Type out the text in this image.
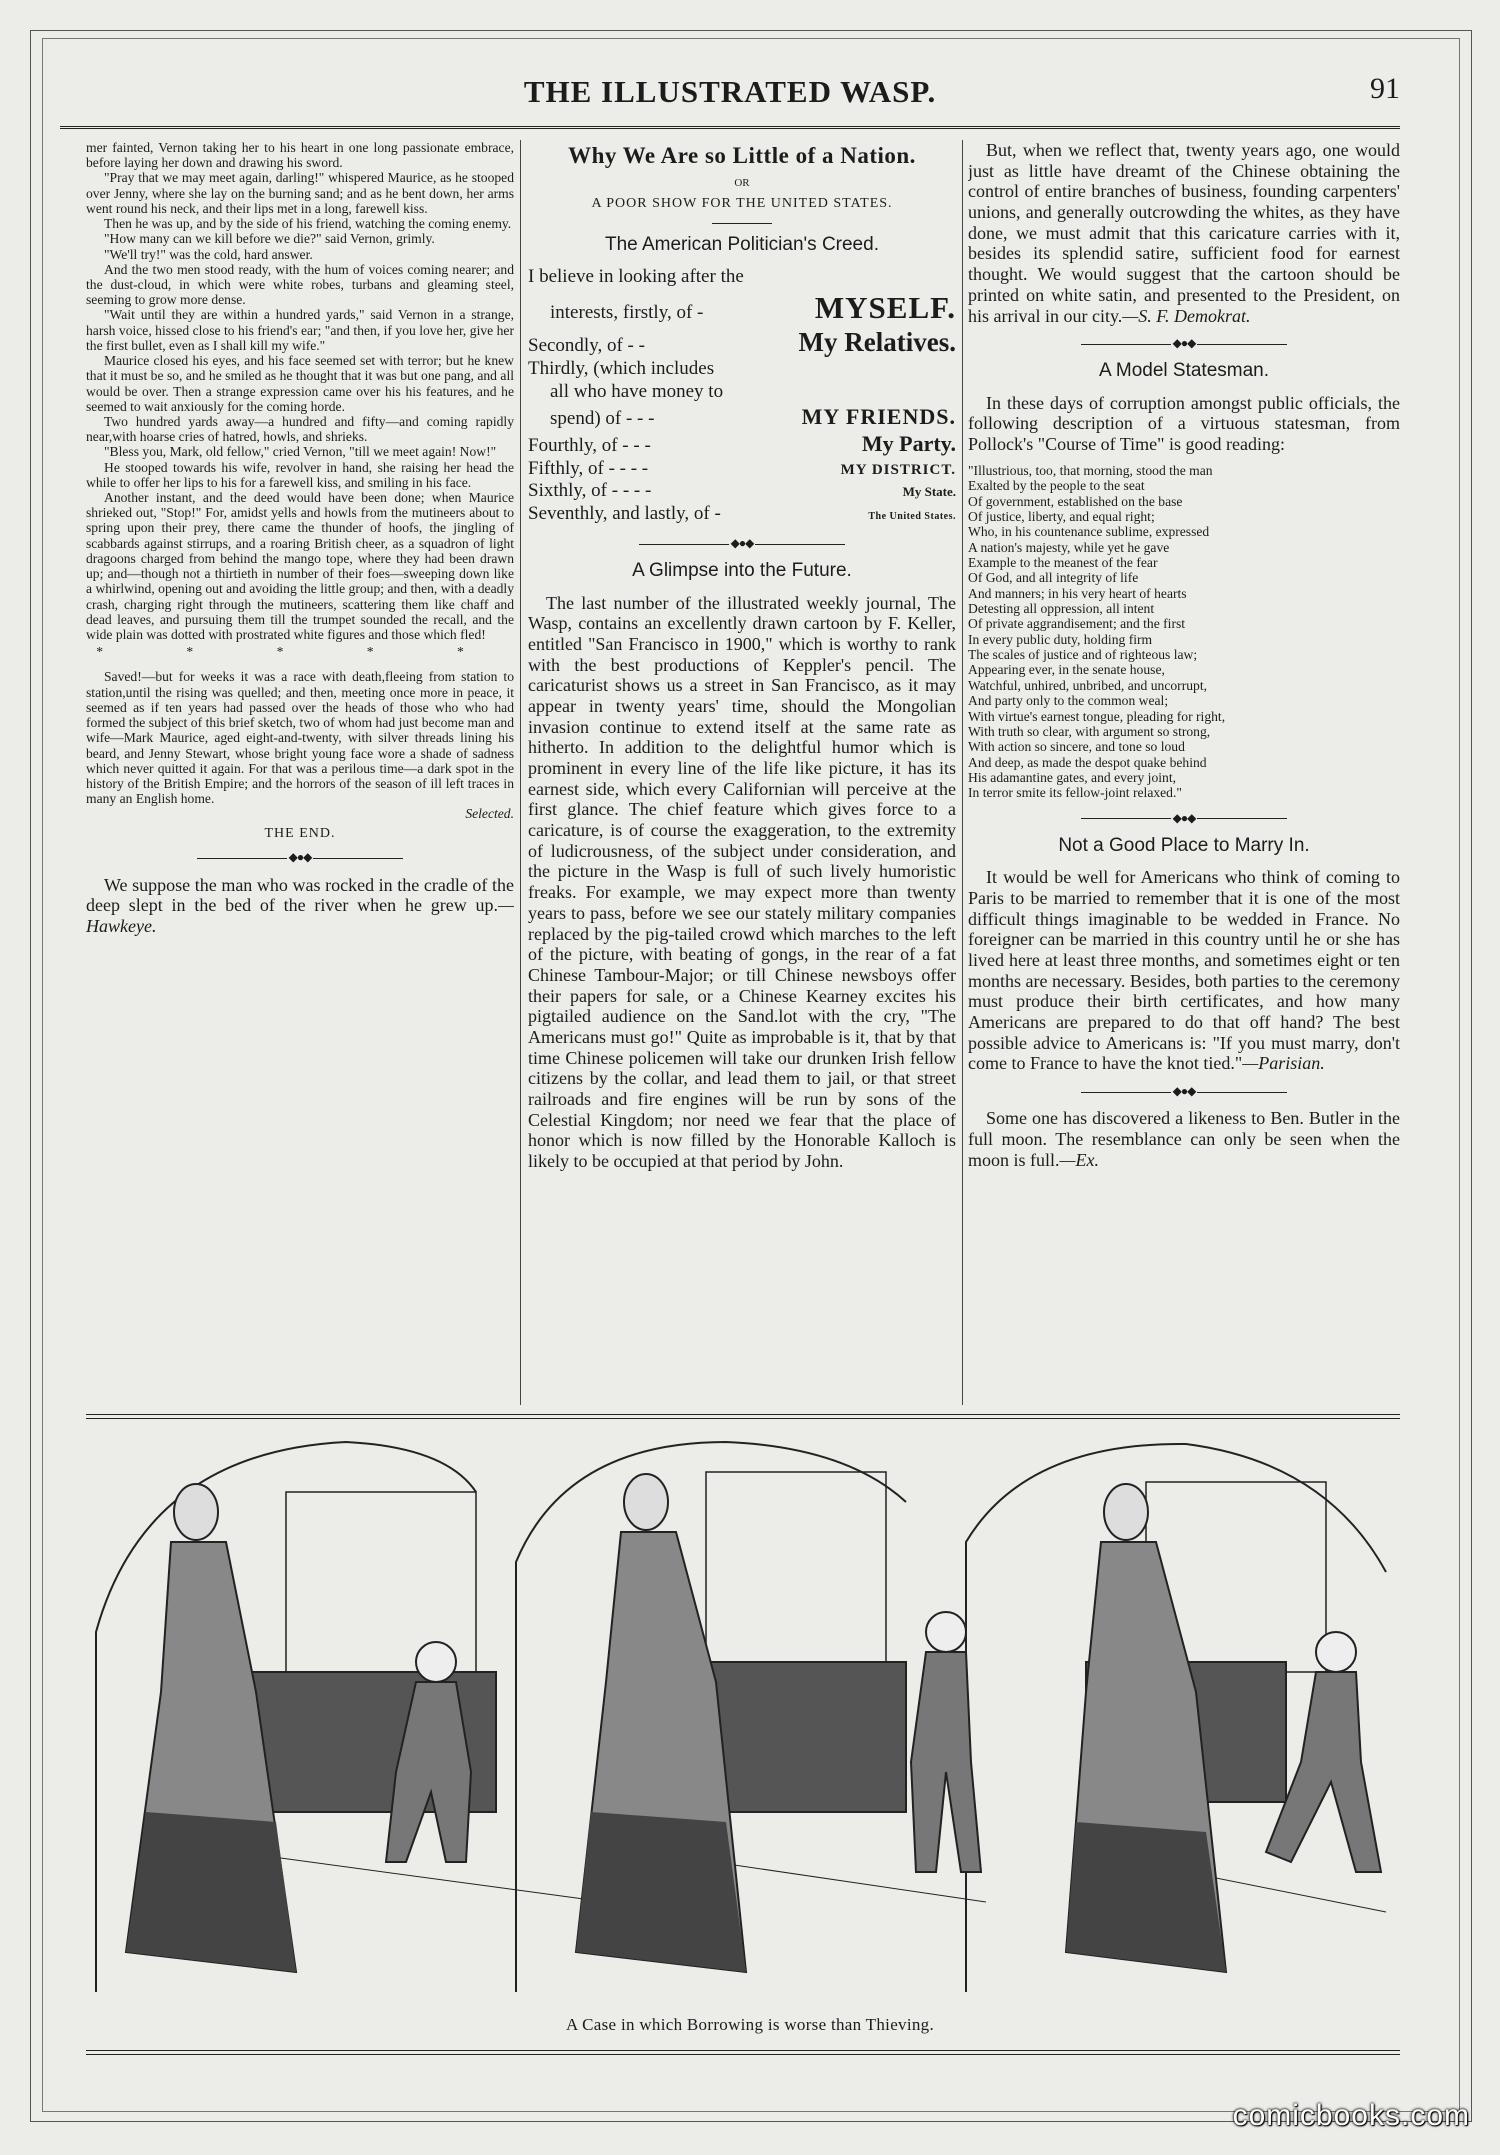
THE ILLUSTRATED WASP.	91

mer fainted, Vernon taking her to his heart in one long passionate embrace, before laying her down and drawing his sword.

"Pray that we may meet again, darling!" whispered Maurice, as he stooped over Jenny, where she lay on the burning sand; and as he bent down, her arms went round his neck, and their lips met in a long, farewell kiss.

Then he was up, and by the side of his friend, watching the coming enemy.

"How many can we kill before we die?" said Vernon, grimly.

"We'll try!" was the cold, hard answer.

And the two men stood ready, with the hum of voices coming nearer; and the dust-cloud, in which were white robes, turbans and gleaming steel, seeming to grow more dense.

"Wait until they are within a hundred yards," said Vernon in a strange, harsh voice, hissed close to his friend's ear; "and then, if you love her, give her the first bullet, even as I shall kill my wife."

Maurice closed his eyes, and his face seemed set with terror; but he knew that it must be so, and he smiled as he thought that it was but one pang, and all would be over. Then a strange expression came over his his features, and he seemed to wait anxiously for the coming horde.

Two hundred yards away—a hundred and fifty—and coming rapidly near,with hoarse cries of hatred, howls, and shrieks.

"Bless you, Mark, old fellow," cried Vernon, "till we meet again! Now!"

He stooped towards his wife, revolver in hand, she raising her head the while to offer her lips to his for a farewell kiss, and smiling in his face.

Another instant, and the deed would have been done; when Maurice shrieked out, "Stop!" For, amidst yells and howls from the mutineers about to spring upon their prey, there came the thunder of hoofs, the jingling of scabbards against stirrups, and a roaring British cheer, as a squadron of light dragoons charged from behind the mango tope, where they had been drawn up; and—though not a thirtieth in number of their foes—sweeping down like a whirlwind, opening out and avoiding the little group; and then, with a deadly crash, charging right through the mutineers, scattering them like chaff and dead leaves, and pursuing them till the trumpet sounded the recall, and the wide plain was dotted with prostrated white figures and those which fled!

* * * * *

Saved!—but for weeks it was a race with death,fleeing from station to station,until the rising was quelled; and then, meeting once more in peace, it seemed as if ten years had passed over the heads of those who who had formed the subject of this brief sketch, two of whom had just become man and wife—Mark Maurice, aged eight-and-twenty, with silver threads lining his beard, and Jenny Stewart, whose bright young face wore a shade of sadness which never quitted it again. For that was a perilous time—a dark spot in the history of the British Empire; and the horrors of the season of ill left traces in many an English home.

Selected.
THE END.
◆●◆

We suppose the man who was rocked in the cradle of the deep slept in the bed of the river when he grew up.—Hawkeye.

Why We Are so Little of a Nation.
OR
A POOR SHOW FOR THE UNITED STATES.
The American Politician's Creed.
I believe in looking after the
interests, firstly, of -	MYSELF.
Secondly, of - -	My Relatives.
Thirdly, (which includes
all who have money to
spend) of - - -	MY FRIENDS.
Fourthly, of - - -	My Party.
Fifthly, of - - - -	MY DISTRICT.
Sixthly, of - - - -	My State.
Seventhly, and lastly, of -	The United States.
◆●◆
A Glimpse into the Future.

The last number of the illustrated weekly journal, The Wasp, contains an excellently drawn cartoon by F. Keller, entitled "San Francisco in 1900," which is worthy to rank with the best productions of Keppler's pencil. The caricaturist shows us a street in San Francisco, as it may appear in twenty years' time, should the Mongolian invasion continue to extend itself at the same rate as hitherto. In addition to the delightful humor which is prominent in every line of the life like picture, it has its earnest side, which every Californian will perceive at the first glance. The chief feature which gives force to a caricature, is of course the exaggeration, to the extremity of ludicrousness, of the subject under consideration, and the picture in the Wasp is full of such lively humoristic freaks. For example, we may expect more than twenty years to pass, before we see our stately military companies replaced by the pig-tailed crowd which marches to the left of the picture, with beating of gongs, in the rear of a fat Chinese Tambour-Major; or till Chinese newsboys offer their papers for sale, or a Chinese Kearney excites his pigtailed audience on the Sand.lot with the cry, "The Americans must go!" Quite as improbable is it, that by that time Chinese policemen will take our drunken Irish fellow citizens by the collar, and lead them to jail, or that street railroads and fire engines will be run by sons of the Celestial Kingdom; nor need we fear that the place of honor which is now filled by the Honorable Kalloch is likely to be occupied at that period by John.

But, when we reflect that, twenty years ago, one would just as little have dreamt of the Chinese obtaining the control of entire branches of business, founding carpenters' unions, and generally outcrowding the whites, as they have done, we must admit that this caricature carries with it, besides its splendid satire, sufficient food for earnest thought. We would suggest that the cartoon should be printed on white satin, and presented to the President, on his arrival in our city.—S. F. Demokrat.

◆●◆
A Model Statesman.

In these days of corruption amongst public officials, the following description of a virtuous statesman, from Pollock's "Course of Time" is good reading:

"Illustrious, too, that morning, stood the man
Exalted by the people to the seat
Of government, established on the base
Of justice, liberty, and equal right;
Who, in his countenance sublime, expressed
A nation's majesty, while yet he gave
Example to the meanest of the fear
Of God, and all integrity of life
And manners; in his very heart of hearts
Detesting all oppression, all intent
Of private aggrandisement; and the first
In every public duty, holding firm
The scales of justice and of righteous law;
Appearing ever, in the senate house,
Watchful, unhired, unbribed, and uncorrupt,
And party only to the common weal;
With virtue's earnest tongue, pleading for right,
With truth so clear, with argument so strong,
With action so sincere, and tone so loud
And deep, as made the despot quake behind
His adamantine gates, and every joint,
In terror smite its fellow-joint relaxed."
◆●◆
Not a Good Place to Marry In.

It would be well for Americans who think of coming to Paris to be married to remember that it is one of the most difficult things imaginable to be wedded in France. No foreigner can be married in this country until he or she has lived here at least three months, and sometimes eight or ten months are necessary. Besides, both parties to the ceremony must produce their birth certificates, and how many Americans are prepared to do that off hand? The best possible advice to Americans is: "If you must marry, don't come to France to have the knot tied."—Parisian.

◆●◆

Some one has discovered a likeness to Ben. Butler in the full moon. The resemblance can only be seen when the moon is full.—Ex.

A Case in which Borrowing is worse than Thieving.
comicbooks.com
